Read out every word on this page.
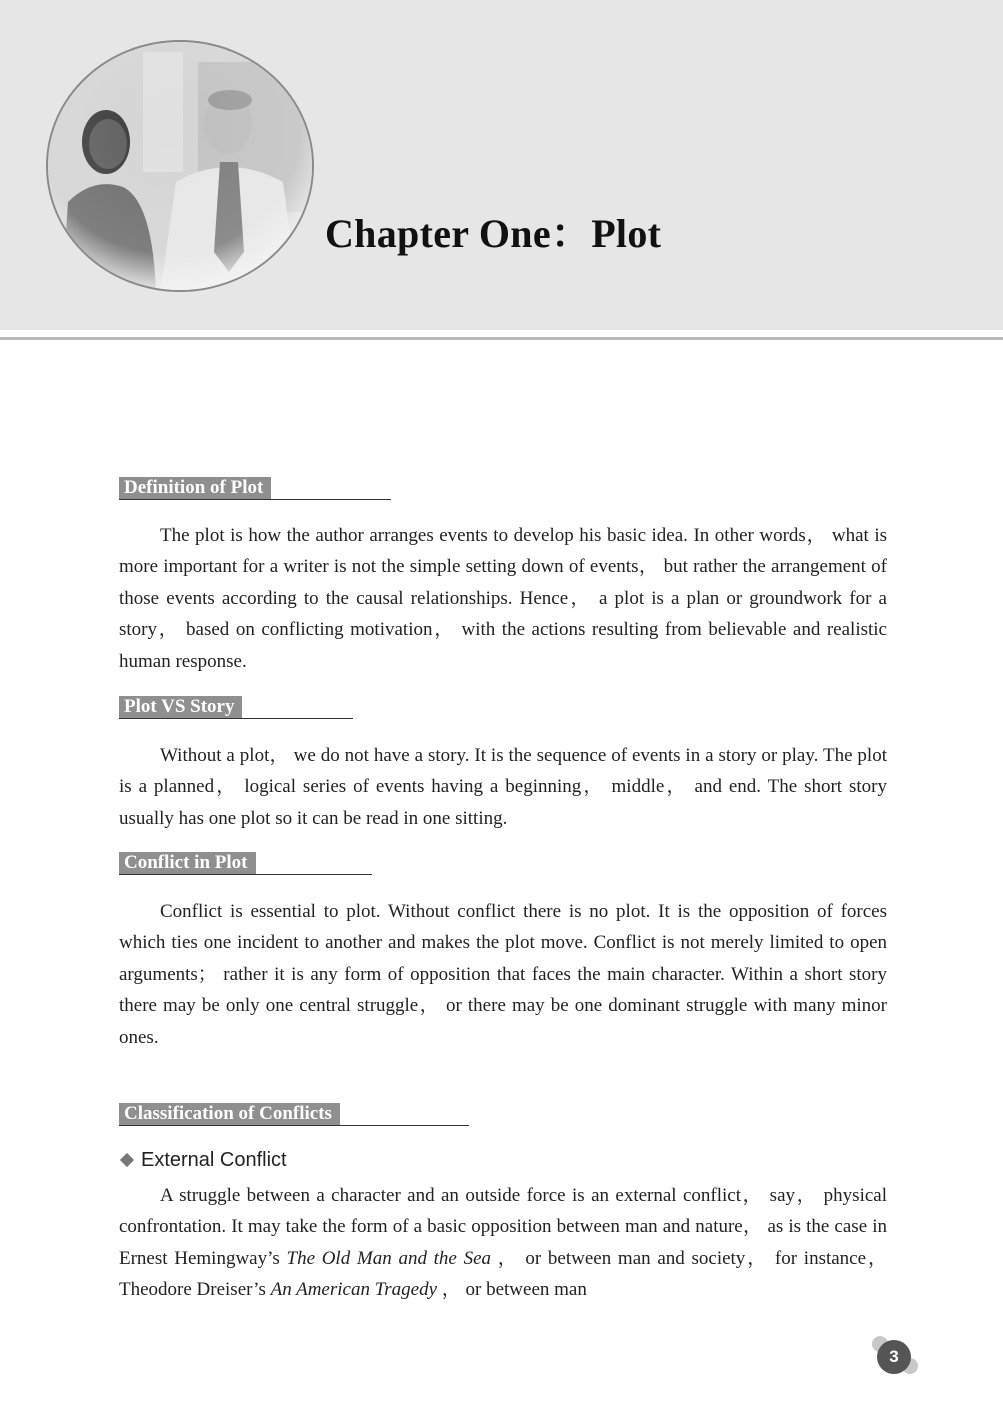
Chapter One：Plot
Definition of Plot
The plot is how the author arranges events to develop his basic idea. In other words， what is more important for a writer is not the simple setting down of events， but rather the arrangement of those events according to the causal relationships. Hence， a plot is a plan or groundwork for a story， based on conflicting motivation， with the actions resulting from believable and realistic human response.
Plot VS Story
Without a plot， we do not have a story. It is the sequence of events in a story or play. The plot is a planned， logical series of events having a beginning， middle， and end. The short story usually has one plot so it can be read in one sitting.
Conflict in Plot
Conflict is essential to plot. Without conflict there is no plot. It is the opposition of forces which ties one incident to another and makes the plot move. Conflict is not merely limited to open arguments； rather it is any form of opposition that faces the main character. Within a short story there may be only one central struggle， or there may be one dominant struggle with many minor ones.
Classification of Conflicts
External Conflict
A struggle between a character and an outside force is an external conflict， say， physical confrontation. It may take the form of a basic opposition between man and nature， as is the case in Ernest Hemingway’s The Old Man and the Sea ， or between man and society， for instance， Theodore Dreiser’s An American Tragedy ， or between man
3
